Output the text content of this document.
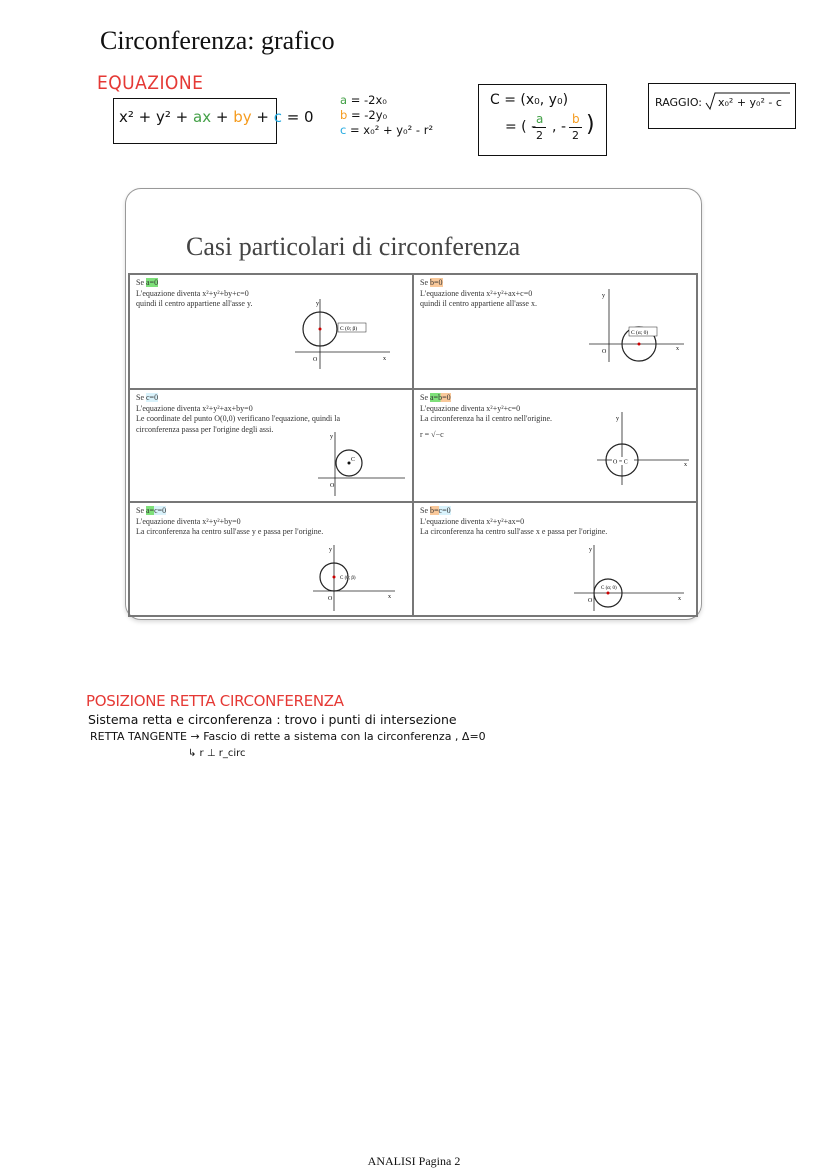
Circonferenza: grafico
EQUAZIONE
x² + y² + ax + by + c = 0
a = -2x₀
b = -2y₀
c = x₀² + y₀² - r²
C = (x₀, y₀)
= ( - a
2
, - b
2 )
RAGGIO: x₀² + y₀² - c
Casi particolari di circonferenza
Se a=0
L'equazione diventa x²+y²+by+c=0
quindi il centro appartiene all'asse y.	y
x
O
C (0; β)
Se b=0
L'equazione diventa x²+y²+ax+c=0
quindi il centro appartiene all'asse x.
y
x
O
C (α; 0)
Se c=0
L'equazione diventa x²+y²+ax+by=0
Le coordinate del punto O(0,0) verificano l'equazione, quindi la
circonferenza passa per l'origine degli assi.
y
C
O
Se a=b=0
L'equazione diventa x²+y²+c=0
La circonferenza ha il centro nell'origine.
r = √−c
y
x
O = C
Se a=c=0
L'equazione diventa x²+y²+by=0
La circonferenza ha centro sull'asse y e passa per l'origine.
y
x
O
C (0; β)
Se b=c=0
L'equazione diventa x²+y²+ax=0
La circonferenza ha centro sull'asse x e passa per l'origine.
y
x
O
C (α; 0)
POSIZIONE RETTA CIRCONFERENZA
Sistema retta e circonferenza : trovo i punti di intersezione
RETTA TANGENTE → Fascio di rette a sistema con la circonferenza , Δ=0
↳ r ⊥ r_circ
ANALISI Pagina 2
